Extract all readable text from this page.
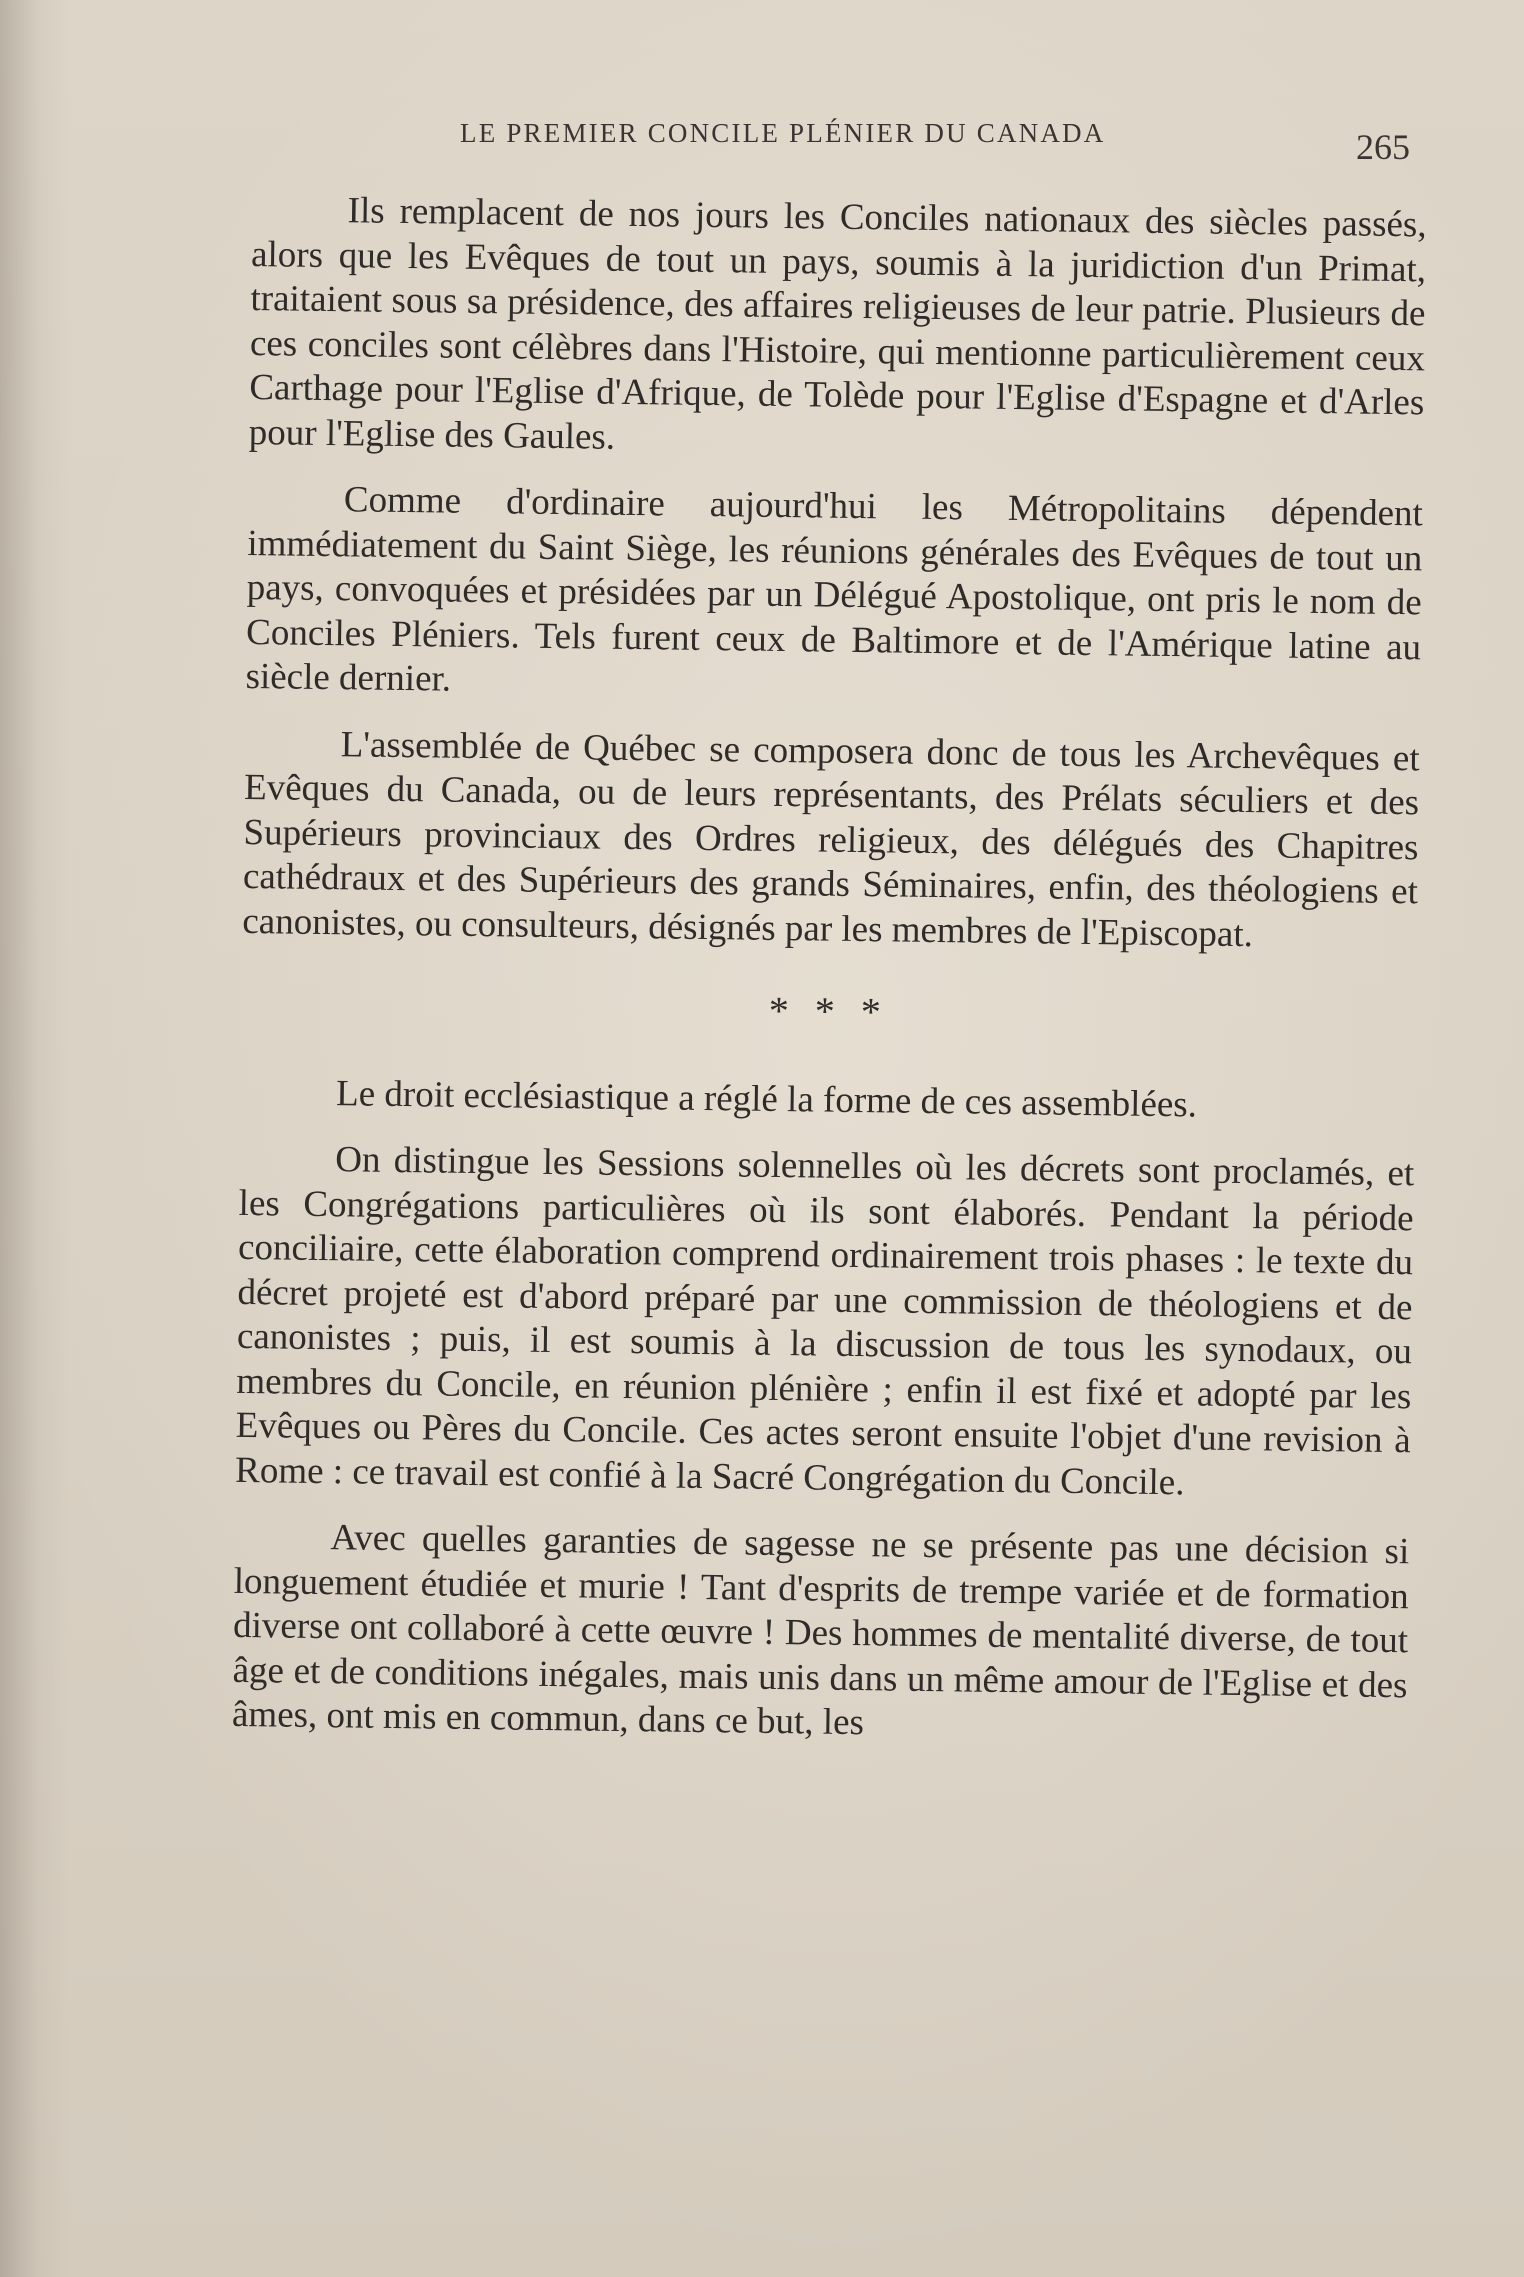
LE PREMIER CONCILE PLÉNIER DU CANADA	265

Ils remplacent de nos jours les Conciles nationaux des siècles passés, alors que les Evêques de tout un pays, soumis à la juridiction d'un Primat, traitaient sous sa présidence, des affaires religieuses de leur patrie. Plusieurs de ces conciles sont célèbres dans l'Histoire, qui mentionne particulièrement ceux Carthage pour l'Eglise d'Afrique, de Tolède pour l'Eglise d'Espagne et d'Arles pour l'Eglise des Gaules.

Comme d'ordinaire aujourd'hui les Métropolitains dépendent immédiatement du Saint Siège, les réunions générales des Evêques de tout un pays, convoquées et présidées par un Délégué Apostolique, ont pris le nom de Conciles Pléniers. Tels furent ceux de Baltimore et de l'Amérique latine au siècle dernier.

L'assemblée de Québec se composera donc de tous les Archevêques et Evêques du Canada, ou de leurs représentants, des Prélats séculiers et des Supérieurs provinciaux des Ordres religieux, des délégués des Chapitres cathédraux et des Supérieurs des grands Séminaires, enfin, des théologiens et canonistes, ou consulteurs, désignés par les membres de l'Episcopat.

* * *

Le droit ecclésiastique a réglé la forme de ces assemblées.

On distingue les Sessions solennelles où les décrets sont proclamés, et les Congrégations particulières où ils sont élaborés. Pendant la période conciliaire, cette élaboration comprend ordinairement trois phases : le texte du décret projeté est d'abord préparé par une commission de théologiens et de canonistes ; puis, il est soumis à la discussion de tous les synodaux, ou membres du Concile, en réunion plénière ; enfin il est fixé et adopté par les Evêques ou Pères du Concile. Ces actes seront ensuite l'objet d'une revision à Rome : ce travail est confié à la Sacré Congrégation du Concile.

Avec quelles garanties de sagesse ne se présente pas une décision si longuement étudiée et murie ! Tant d'esprits de trempe variée et de formation diverse ont collaboré à cette œuvre ! Des hommes de mentalité diverse, de tout âge et de conditions inégales, mais unis dans un même amour de l'Eglise et des âmes, ont mis en commun, dans ce but, les
